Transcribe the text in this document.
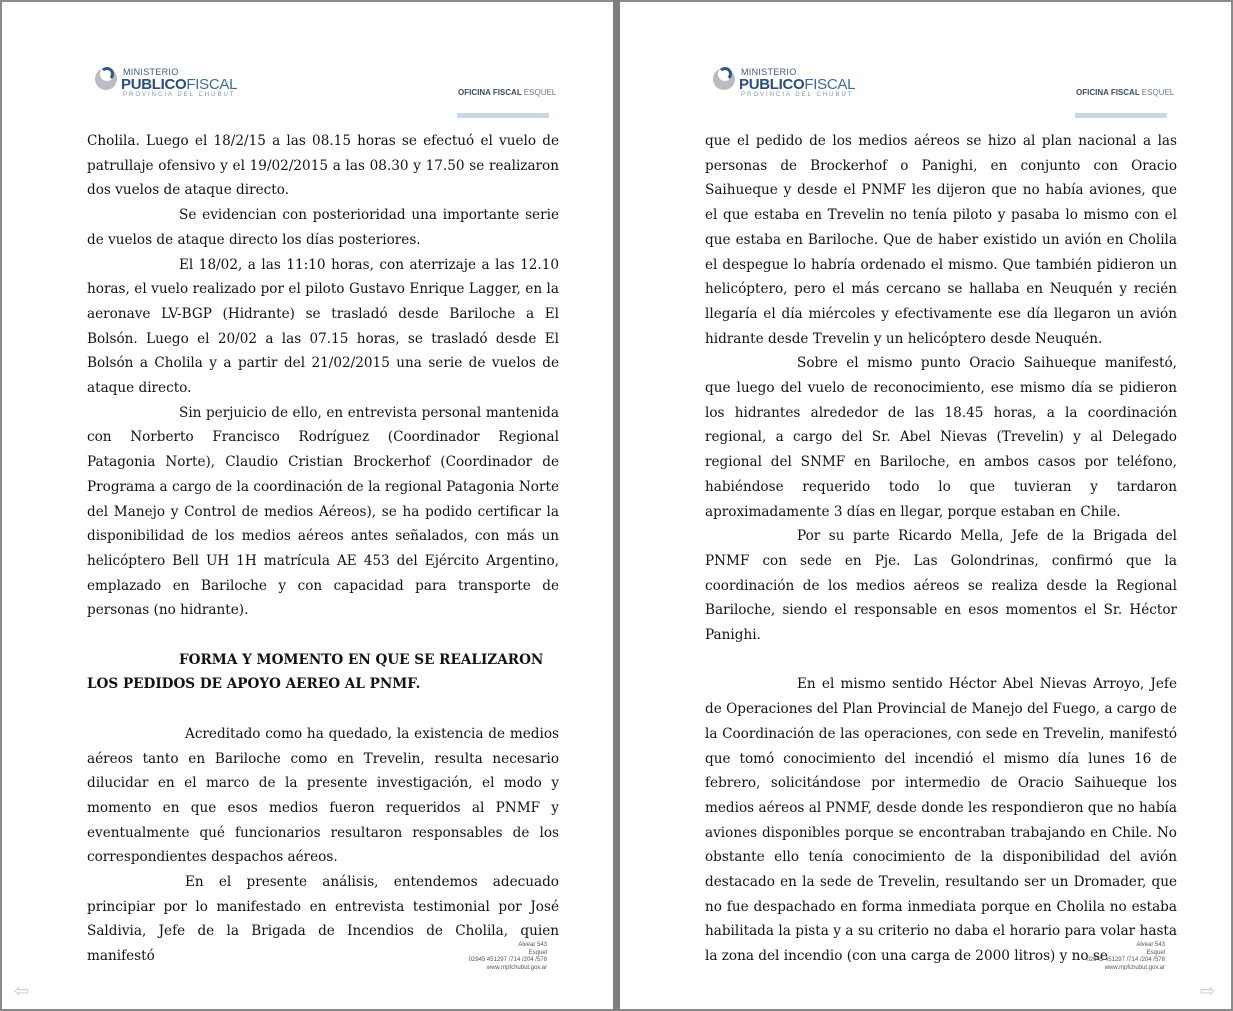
MINISTERIO
PUBLICOFISCAL
PROVINCIA DEL CHUBUT	OFICINA FISCAL ESQUEL

Cholila. Luego el 18/2/15 a las 08.15 horas se efectuó el vuelo de patrullaje ofensivo y el 19/02/2015 a las 08.30 y 17.50 se realizaron dos vuelos de ataque directo.

Se evidencian con posterioridad una importante serie de vuelos de ataque directo los días posteriores.

El 18/02, a las 11:10 horas, con aterrizaje a las 12.10 horas, el vuelo realizado por el piloto Gustavo Enrique Lagger, en la aeronave LV-BGP (Hidrante) se trasladó desde Bariloche a El Bolsón. Luego el 20/02 a las 07.15 horas, se trasladó desde El Bolsón a Cholila y a partir del 21/02/2015 una serie de vuelos de ataque directo.

Sin perjuicio de ello, en entrevista personal mantenida con Norberto Francisco Rodríguez (Coordinador Regional Patagonia Norte), Claudio Cristian Brockerhof (Coordinador de Programa a cargo de la coordinación de la regional Patagonia Norte del Manejo y Control de medios Aéreos), se ha podido certificar la disponibilidad de los medios aéreos antes señalados, con más un helicóptero Bell UH 1H matrícula AE 453 del Ejército Argentino, emplazado en Bariloche y con capacidad para transporte de personas (no hidrante).

FORMA Y MOMENTO EN QUE SE REALIZARON LOS PEDIDOS DE APOYO AEREO AL PNMF.

Acreditado como ha quedado, la existencia de medios aéreos tanto en Bariloche como en Trevelin, resulta necesario dilucidar en el marco de la presente investigación, el modo y momento en que esos medios fueron requeridos al PNMF y eventualmente qué funcionarios resultaron responsables de los correspondientes despachos aéreos.

En el presente análisis, entendemos adecuado principiar por lo manifestado en entrevista testimonial por José Saldivia, Jefe de la Brigada de Incendios de Cholila, quien manifestó

Alvear 543
Esquel
02945 451297 /714 /204 /578
www.mpfchubut.gov.ar
MINISTERIO
PUBLICOFISCAL
PROVINCIA DEL CHUBUT	OFICINA FISCAL ESQUEL

que el pedido de los medios aéreos se hizo al plan nacional a las personas de Brockerhof o Panighi, en conjunto con Oracio Saihueque y desde el PNMF les dijeron que no había aviones, que el que estaba en Trevelin no tenía piloto y pasaba lo mismo con el que estaba en Bariloche. Que de haber existido un avión en Cholila el despegue lo habría ordenado el mismo. Que también pidieron un helicóptero, pero el más cercano se hallaba en Neuquén y recién llegaría el día miércoles y efectivamente ese día llegaron un avión hidrante desde Trevelin y un helicóptero desde Neuquén.

Sobre el mismo punto Oracio Saihueque manifestó, que luego del vuelo de reconocimiento, ese mismo día se pidieron los hidrantes alrededor de las 18.45 horas, a la coordinación regional, a cargo del Sr. Abel Nievas (Trevelin) y al Delegado regional del SNMF en Bariloche, en ambos casos por teléfono, habiéndose requerido todo lo que tuvieran y tardaron aproximadamente 3 días en llegar, porque estaban en Chile.

Por su parte Ricardo Mella, Jefe de la Brigada del PNMF con sede en Pje. Las Golondrinas, confirmó que la coordinación de los medios aéreos se realiza desde la Regional Bariloche, siendo el responsable en esos momentos el Sr. Héctor Panighi.

En el mismo sentido Héctor Abel Nievas Arroyo, Jefe de Operaciones del Plan Provincial de Manejo del Fuego, a cargo de la Coordinación de las operaciones, con sede en Trevelin, manifestó que tomó conocimiento del incendió el mismo día lunes 16 de febrero, solicitándose por intermedio de Oracio Saihueque los medios aéreos al PNMF, desde donde les respondieron que no había aviones disponibles porque se encontraban trabajando en Chile. No obstante ello tenía conocimiento de la disponibilidad del avión destacado en la sede de Trevelin, resultando ser un Dromader, que no fue despachado en forma inmediata porque en Cholila no estaba habilitada la pista y a su criterio no daba el horario para volar hasta la zona del incendio (con una carga de 2000 litros) y no se

Alvear 543
Esquel
02945 451297 /714 /204 /578
www.mpfchubut.gov.ar
⇦	⇨
